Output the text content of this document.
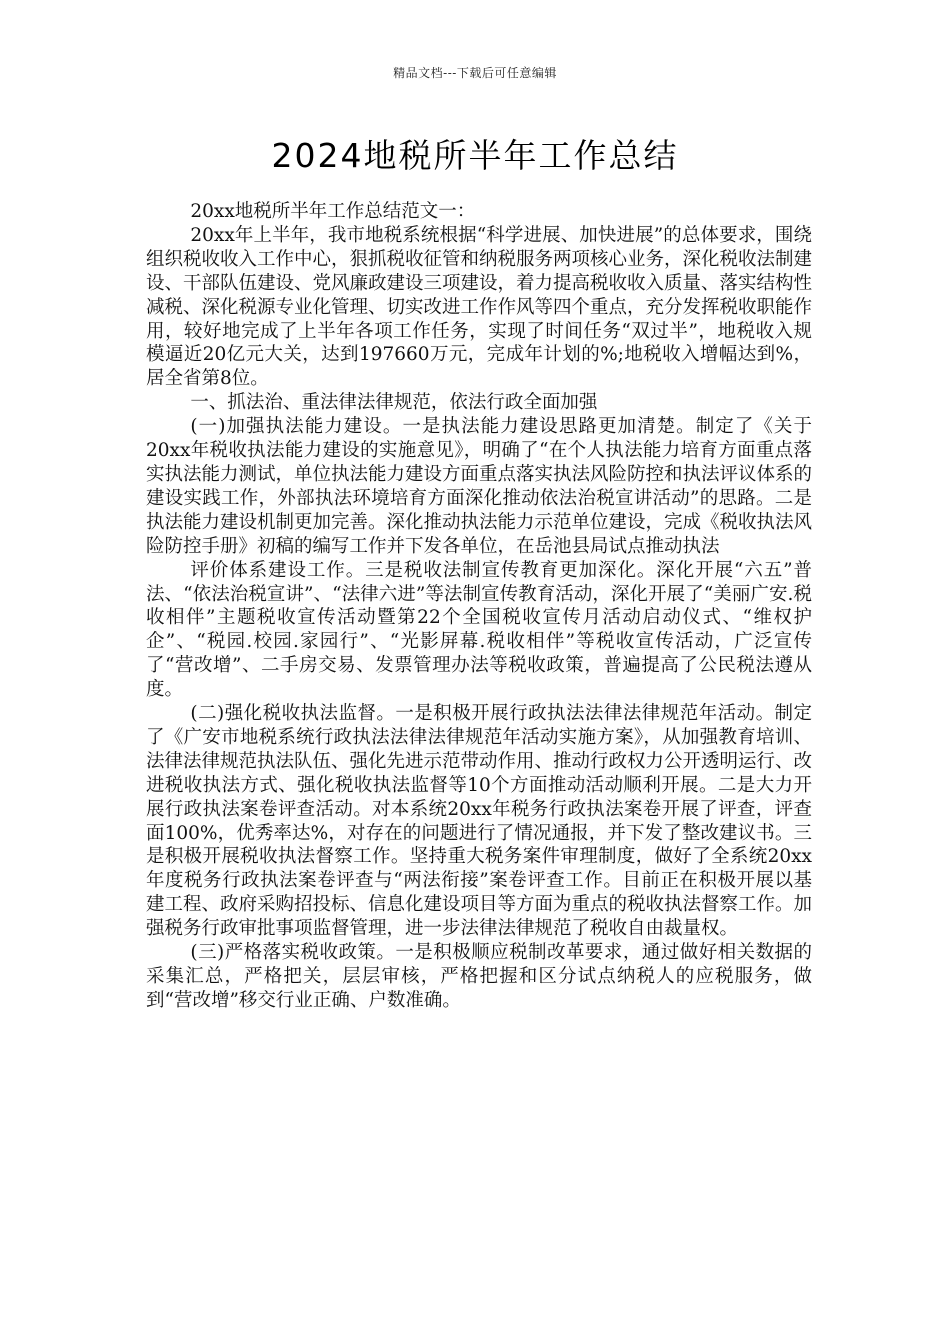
精品文档---下载后可任意编辑
2024地税所半年工作总结

20xx地税所半年工作总结范文一：

20xx年上半年，我市地税系统根据“科学进展、加快进展”的总体要求，围绕组织税收收入工作中心，狠抓税收征管和纳税服务两项核心业务，深化税收法制建设、干部队伍建设、党风廉政建设三项建设，着力提高税收收入质量、落实结构性减税、深化税源专业化管理、切实改进工作作风等四个重点，充分发挥税收职能作用，较好地完成了上半年各项工作任务，实现了时间任务“双过半”，地税收入规模逼近20亿元大关，达到197660万元，完成年计划的%;地税收入增幅达到%，居全省第8位。

一、抓法治、重法律法律规范，依法行政全面加强

(一)加强执法能力建设。一是执法能力建设思路更加清楚。制定了《关于20xx年税收执法能力建设的实施意见》，明确了“在个人执法能力培育方面重点落实执法能力测试，单位执法能力建设方面重点落实执法风险防控和执法评议体系的建设实践工作，外部执法环境培育方面深化推动依法治税宣讲活动”的思路。二是执法能力建设机制更加完善。深化推动执法能力示范单位建设，完成《税收执法风险防控手册》初稿的编写工作并下发各单位，在岳池县局试点推动执法

评价体系建设工作。三是税收法制宣传教育更加深化。深化开展“六五”普法、“依法治税宣讲”、“法律六进”等法制宣传教育活动，深化开展了“美丽广安.税收相伴”主题税收宣传活动暨第22个全国税收宣传月活动启动仪式、“维权护企”、“税园.校园.家园行”、“光影屏幕.税收相伴”等税收宣传活动，广泛宣传了“营改增”、二手房交易、发票管理办法等税收政策，普遍提高了公民税法遵从度。

(二)强化税收执法监督。一是积极开展行政执法法律法律规范年活动。制定了《广安市地税系统行政执法法律法律规范年活动实施方案》，从加强教育培训、法律法律规范执法队伍、强化先进示范带动作用、推动行政权力公开透明运行、改进税收执法方式、强化税收执法监督等10个方面推动活动顺利开展。二是大力开展行政执法案卷评查活动。对本系统20xx年税务行政执法案卷开展了评查，评查面100%，优秀率达%，对存在的问题进行了情况通报，并下发了整改建议书。三是积极开展税收执法督察工作。坚持重大税务案件审理制度，做好了全系统20xx年度税务行政执法案卷评查与“两法衔接”案卷评查工作。目前正在积极开展以基建工程、政府采购招投标、信息化建设项目等方面为重点的税收执法督察工作。加强税务行政审批事项监督管理，进一步法律法律规范了税收自由裁量权。

(三)严格落实税收政策。一是积极顺应税制改革要求，通过做好相关数据的采集汇总，严格把关，层层审核，严格把握和区分试点纳税人的应税服务，做到“营改增”移交行业正确、户数准确。
